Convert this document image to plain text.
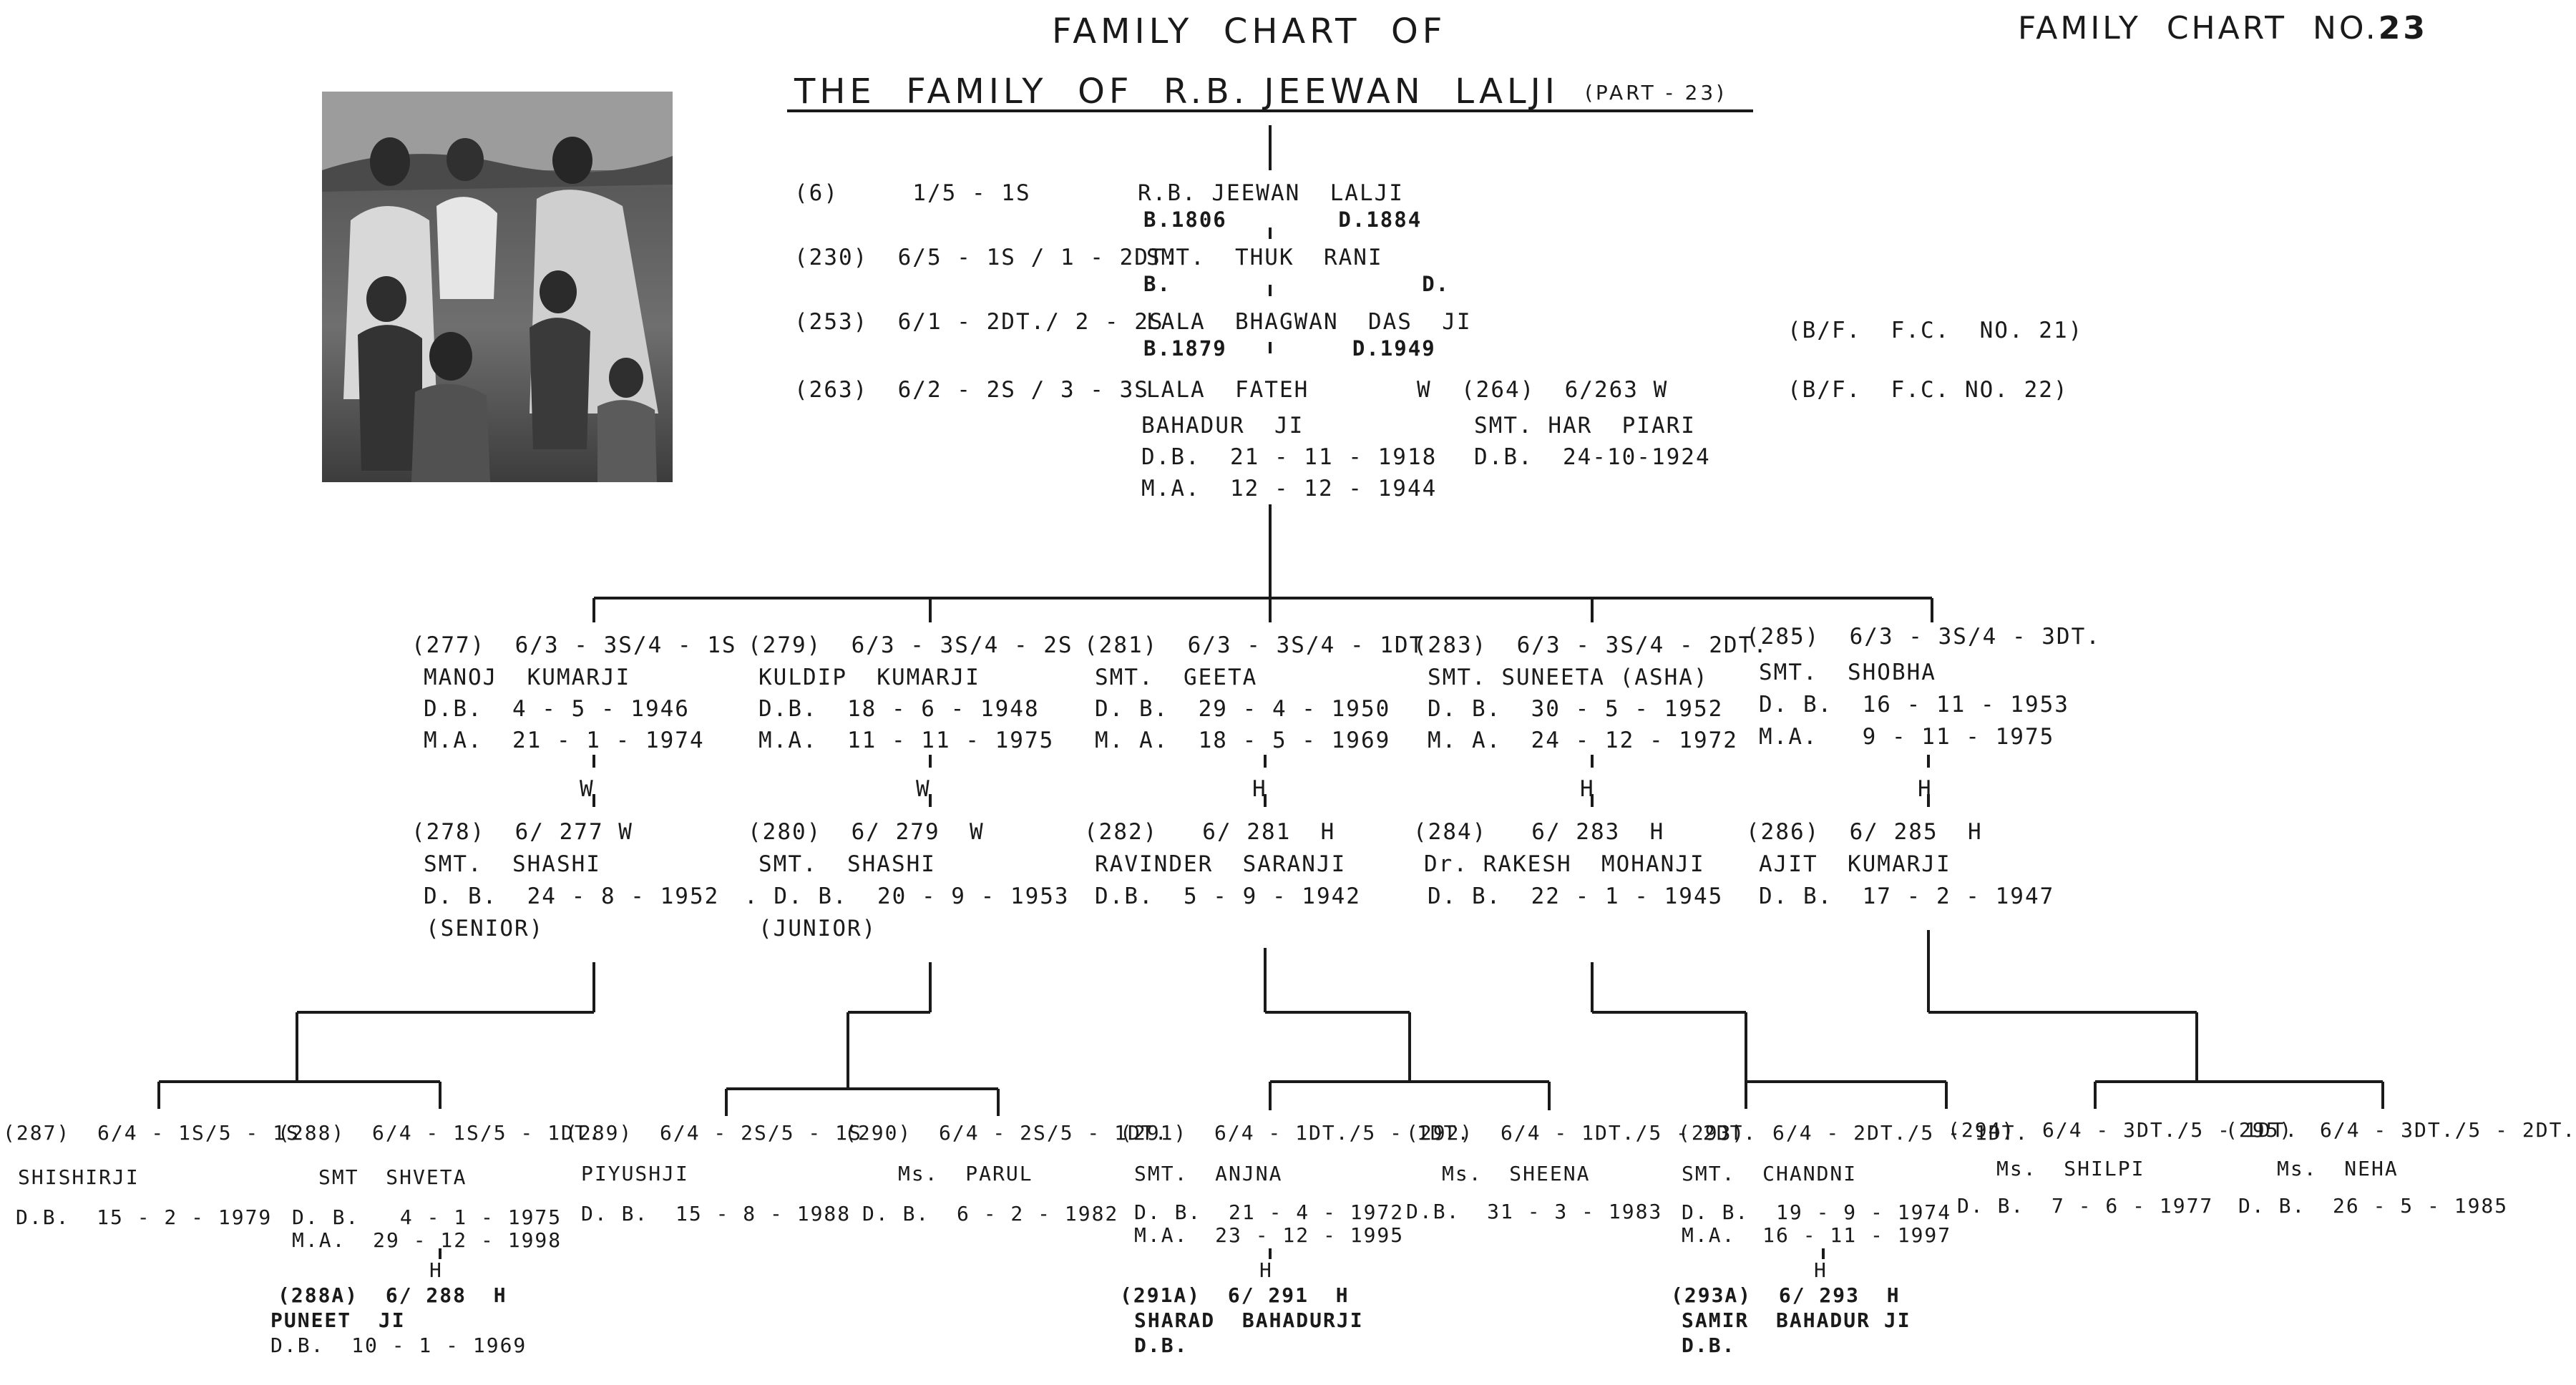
FAMILY  CHART  OF
THE  FAMILY  OF  R.B. JEEWAN  LALJI (PART - 23)
FAMILY  CHART  NO.23
(6)     1/5 - 1S	R.B. JEEWAN  LALJI
B.1806        D.1884
(230)  6/5 - 1S / 1 - 2DT.
SMT.  THUK  RANI
B.                  D.
(253)  6/1 - 2DT./ 2 - 2S
LALA  BHAGWAN  DAS  JI
B.1879         D.1949
(B/F.  F.C.  NO. 21)
(263)  6/2 - 2S / 3 - 3S
LALA  FATEH	(B/F.  F.C. NO. 22)
BAHADUR  JI
D.B.  21 - 11 - 1918
M.A.  12 - 12 - 1944
W  (264)  6/263 W
SMT. HAR  PIARI
D.B.  24-10-1924
(277)  6/3 - 3S/4 - 1S
MANOJ  KUMARJI
D.B.  4 - 5 - 1946
M.A.  21 - 1 - 1974
W
(278)  6/ 277 W
SMT.  SHASHI
D. B.  24 - 8 - 1952
(SENIOR)
(279)  6/3 - 3S/4 - 2S
KULDIP  KUMARJI
D.B.  18 - 6 - 1948
M.A.  11 - 11 - 1975
W
(280)  6/ 279  W
SMT.  SHASHI
. D. B.  20 - 9 - 1953
(JUNIOR)
(281)  6/3 - 3S/4 - 1DT.
SMT.  GEETA
D. B.  29 - 4 - 1950
M. A.  18 - 5 - 1969
H
(282)   6/ 281  H
RAVINDER  SARANJI
D.B.  5 - 9 - 1942
(283)  6/3 - 3S/4 - 2DT.
SMT. SUNEETA (ASHA)
D. B.  30 - 5 - 1952
M. A.  24 - 12 - 1972
H
(284)   6/ 283  H
Dr. RAKESH  MOHANJI
D. B.  22 - 1 - 1945
(285)  6/3 - 3S/4 - 3DT.
SMT.  SHOBHA
D. B.  16 - 11 - 1953
M.A.   9 - 11 - 1975
H
(286)  6/ 285  H
AJIT  KUMARJI
D. B.  17 - 2 - 1947
(287)  6/4 - 1S/5 - 1S
SHISHIRJI
D.B.  15 - 2 - 1979
(288)  6/4 - 1S/5 - 1DT.
SMT  SHVETA
D. B.   4 - 1 - 1975
M.A.  29 - 12 - 1998
H
(288A)  6/ 288  H
PUNEET  JI
D.B.  10 - 1 - 1969
(289)  6/4 - 2S/5 - 1S
PIYUSHJI
D. B.  15 - 8 - 1988
(290)  6/4 - 2S/5 - 1DT.
Ms.  PARUL
D. B.  6 - 2 - 1982
(291)  6/4 - 1DT./5 - 1DT.
SMT.  ANJNA
D. B.  21 - 4 - 1972
M.A.  23 - 12 - 1995
H
(291A)  6/ 291  H
SHARAD  BAHADURJI
D.B.
(292)  6/4 - 1DT./5 - 2DT.
Ms.  SHEENA
D.B.  31 - 3 - 1983
(293)  6/4 - 2DT./5 - 1DT.
SMT.  CHANDNI
D. B.  19 - 9 - 1974
M.A.  16 - 11 - 1997
H
(293A)  6/ 293  H
SAMIR  BAHADUR JI
D.B.
(294)  6/4 - 3DT./5 - 1DT.
Ms.  SHILPI
D. B.  7 - 6 - 1977
(295)  6/4 - 3DT./5 - 2DT.
Ms.  NEHA
D. B.  26 - 5 - 1985
